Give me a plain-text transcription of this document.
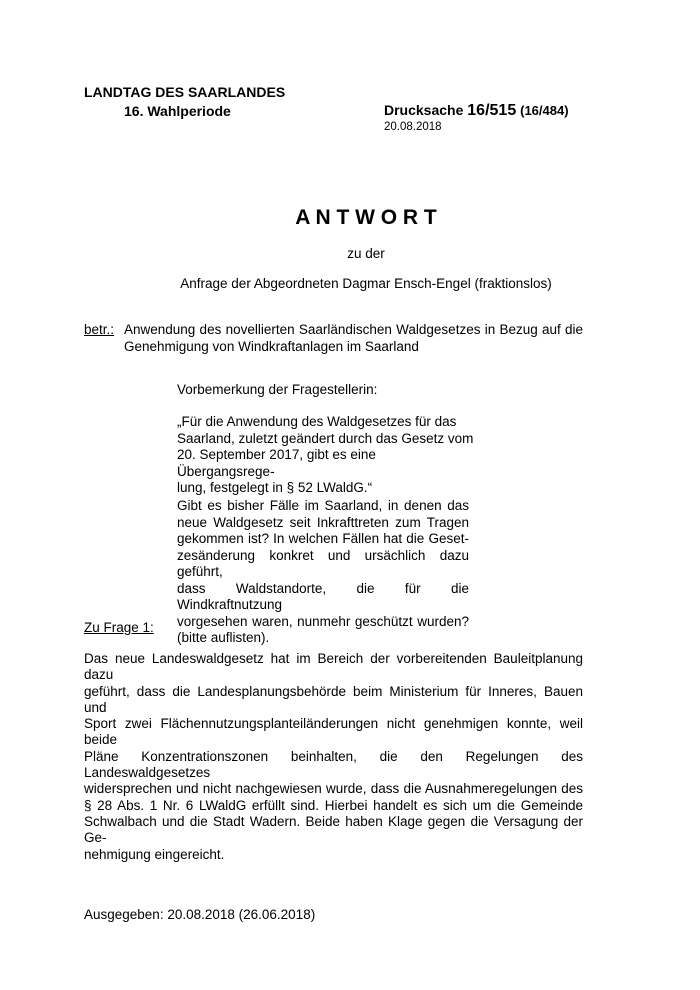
LANDTAG DES SAARLANDES
16. Wahlperiode	Drucksache 16/515 (16/484)
20.08.2018
A N T W O R T
zu der
Anfrage der Abgeordneten Dagmar Ensch-Engel (fraktionslos)
betr.: Anwendung des novellierten Saarländischen Waldgesetzes in Bezug auf die Genehmigung von Windkraftanlagen im Saarland
Vorbemerkung der Fragestellerin:
„Für die Anwendung des Waldgesetzes für das
Saarland, zuletzt geändert durch das Gesetz vom
20. September 2017, gibt es eine Übergangsrege-
lung, festgelegt in § 52 LWaldG.“
Gibt es bisher Fälle im Saarland, in denen das
neue Waldgesetz seit Inkrafttreten zum Tragen
gekommen ist? In welchen Fällen hat die Geset-
zesänderung konkret und ursächlich dazu geführt,
dass Waldstandorte, die für die Windkraftnutzung
vorgesehen waren, nunmehr geschützt wurden?
(bitte auflisten).
Zu Frage 1:
Das neue Landeswaldgesetz hat im Bereich der vorbereitenden Bauleitplanung dazu
geführt, dass die Landesplanungsbehörde beim Ministerium für Inneres, Bauen und
Sport zwei Flächennutzungsplanteiländerungen nicht genehmigen konnte, weil beide
Pläne Konzentrationszonen beinhalten, die den Regelungen des Landeswaldgesetzes
widersprechen und nicht nachgewiesen wurde, dass die Ausnahmeregelungen des
§ 28 Abs. 1 Nr. 6 LWaldG erfüllt sind. Hierbei handelt es sich um die Gemeinde
Schwalbach und die Stadt Wadern. Beide haben Klage gegen die Versagung der Ge-
nehmigung eingereicht.
Ausgegeben: 20.08.2018 (26.06.2018)
